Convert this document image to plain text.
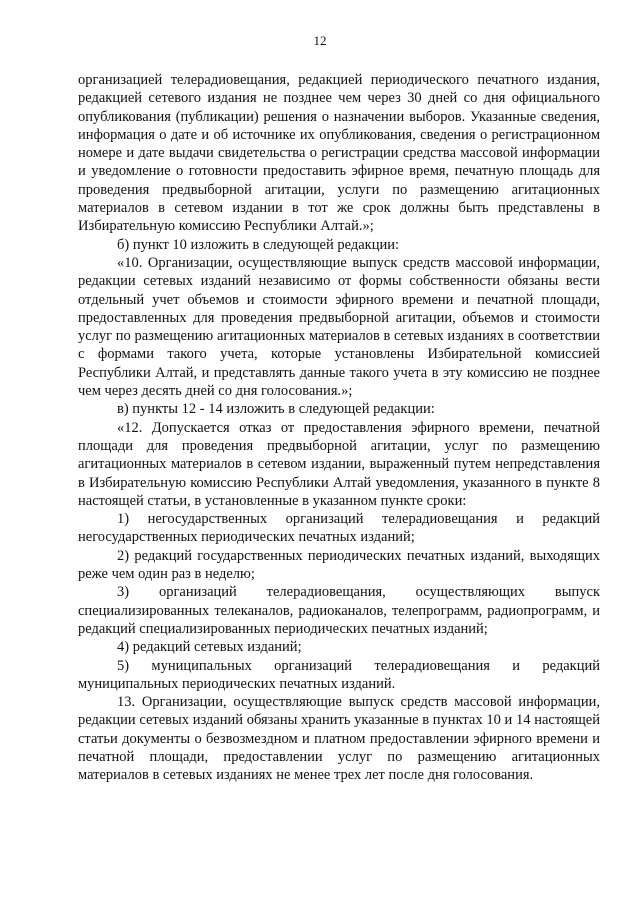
12

организацией телерадиовещания, редакцией периодического печатного издания, редакцией сетевого издания не позднее чем через 30 дней со дня официального опубликования (публикации) решения о назначении выборов. Указанные сведения, информация о дате и об источнике их опубликования, сведения о регистрационном номере и дате выдачи свидетельства о регистрации средства массовой информации и уведомление о готовности предоставить эфирное время, печатную площадь для проведения предвыборной агитации, услуги по размещению агитационных материалов в сетевом издании в тот же срок должны быть представлены в Избирательную комиссию Республики Алтай.»;

б) пункт 10 изложить в следующей редакции:

«10. Организации, осуществляющие выпуск средств массовой информации, редакции сетевых изданий независимо от формы собственности обязаны вести отдельный учет объемов и стоимости эфирного времени и печатной площади, предоставленных для проведения предвыборной агитации, объемов и стоимости услуг по размещению агитационных материалов в сетевых изданиях в соответствии с формами такого учета, которые установлены Избирательной комиссией Республики Алтай, и представлять данные такого учета в эту комиссию не позднее чем через десять дней со дня голосования.»;

в) пункты 12 - 14 изложить в следующей редакции:

«12. Допускается отказ от предоставления эфирного времени, печатной площади для проведения предвыборной агитации, услуг по размещению агитационных материалов в сетевом издании, выраженный путем непредставления в Избирательную комиссию Республики Алтай уведомления, указанного в пункте 8 настоящей статьи, в установленные в указанном пункте сроки:

1) негосударственных организаций телерадиовещания и редакций негосударственных периодических печатных изданий;

2) редакций государственных периодических печатных изданий, выходящих реже чем один раз в неделю;

3) организаций телерадиовещания, осуществляющих выпуск специализированных телеканалов, радиоканалов, телепрограмм, радиопрограмм, и редакций специализированных периодических печатных изданий;

4) редакций сетевых изданий;

5) муниципальных организаций телерадиовещания и редакций муниципальных периодических печатных изданий.

13. Организации, осуществляющие выпуск средств массовой информации, редакции сетевых изданий обязаны хранить указанные в пунктах 10 и 14 настоящей статьи документы о безвозмездном и платном предоставлении эфирного времени и печатной площади, предоставлении услуг по размещению агитационных материалов в сетевых изданиях не менее трех лет после дня голосования.
